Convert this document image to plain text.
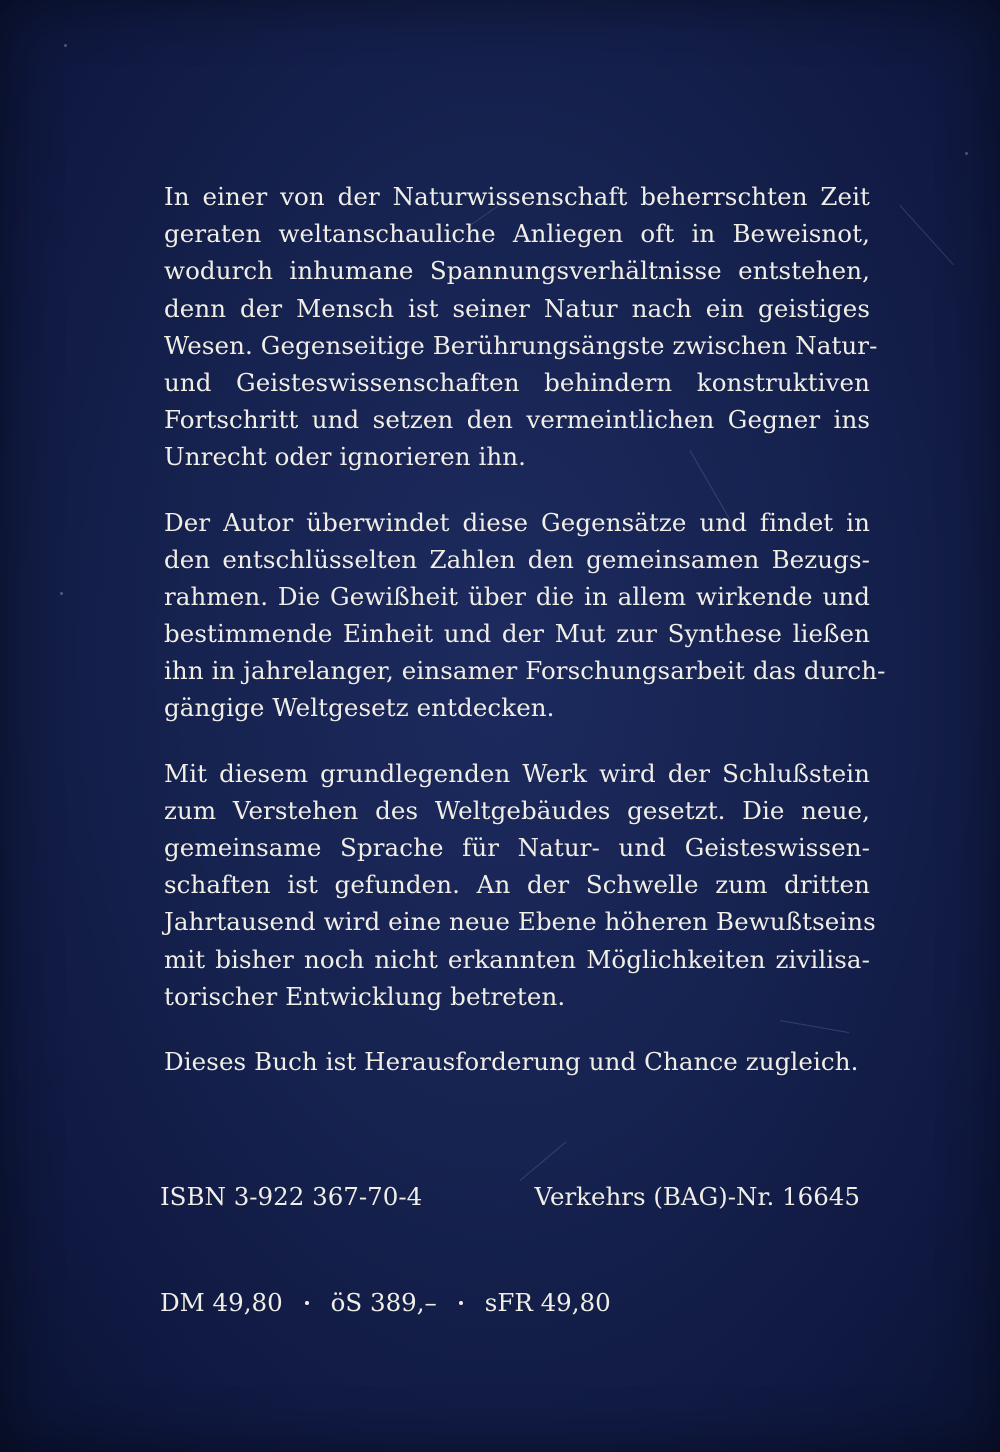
In einer von der Naturwissenschaft beherrschten Zeit
geraten weltanschauliche Anliegen oft in Beweisnot,
wodurch inhumane Spannungsverhältnisse entstehen,
denn der Mensch ist seiner Natur nach ein geistiges
Wesen. Gegenseitige Berührungsängste zwischen Natur-
und Geisteswissenschaften behindern konstruktiven
Fortschritt und setzen den vermeintlichen Gegner ins
Unrecht oder ignorieren ihn.
Der Autor überwindet diese Gegensätze und findet in
den entschlüsselten Zahlen den gemeinsamen Bezugs-
rahmen. Die Gewißheit über die in allem wirkende und
bestimmende Einheit und der Mut zur Synthese ließen
ihn in jahrelanger, einsamer Forschungsarbeit das durch-
gängige Weltgesetz entdecken.
Mit diesem grundlegenden Werk wird der Schlußstein
zum Verstehen des Weltgebäudes gesetzt. Die neue,
gemeinsame Sprache für Natur- und Geisteswissen-
schaften ist gefunden. An der Schwelle zum dritten
Jahrtausend wird eine neue Ebene höheren Bewußtseins
mit bisher noch nicht erkannten Möglichkeiten zivilisa-
torischer Entwicklung betreten.
Dieses Buch ist Herausforderung und Chance zugleich.
ISBN 3-922 367-70-4	Verkehrs (BAG)-Nr. 16645
DM 49,80 öS 389,– sFR 49,80
